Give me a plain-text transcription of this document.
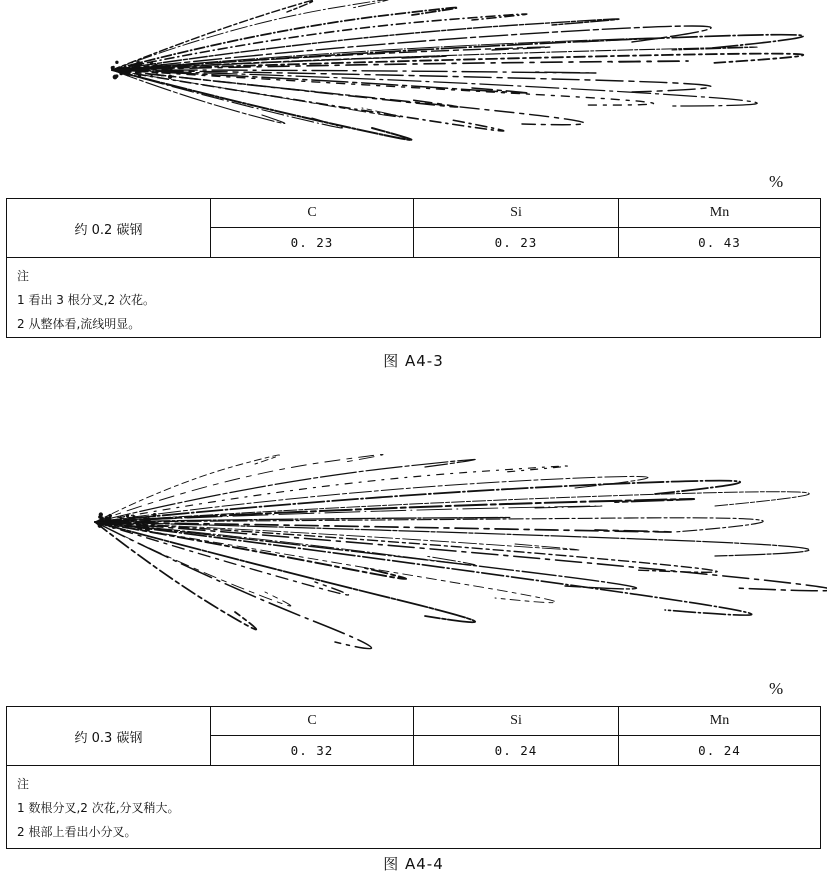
%
约 0.2 碳钢	C	Si	Mn
	0. 23	0. 23	0. 43

注
1 看出 3 根分叉,2 次花。
2 从整体看,流线明显。			
图 A4-3
%
约 0.3 碳钢	C	Si	Mn
	0. 32	0. 24	0. 24

注
1 数根分叉,2 次花,分叉稍大。
2 根部上看出小分叉。			
图 A4-4
